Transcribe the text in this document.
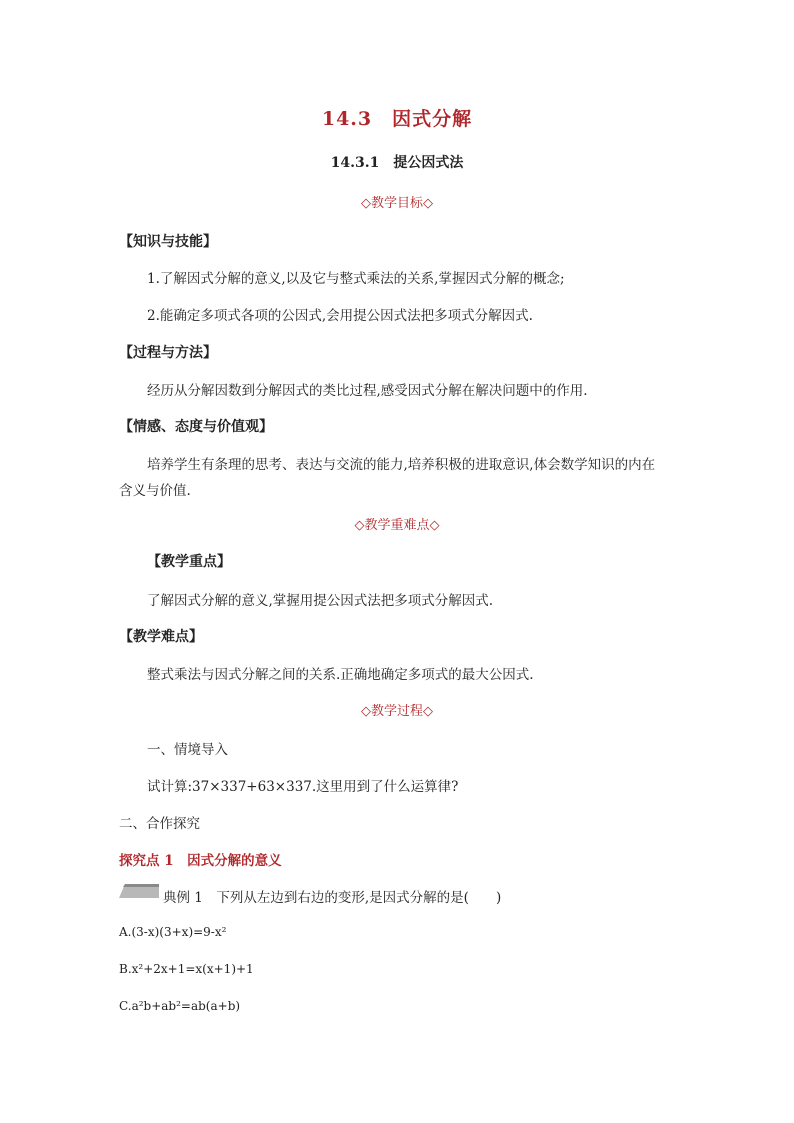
14.3　因式分解
14.3.1　提公因式法
◇教学目标◇
【知识与技能】
1.了解因式分解的意义,以及它与整式乘法的关系,掌握因式分解的概念;
2.能确定多项式各项的公因式,会用提公因式法把多项式分解因式.
【过程与方法】
经历从分解因数到分解因式的类比过程,感受因式分解在解决问题中的作用.
【情感、态度与价值观】
培养学生有条理的思考、表达与交流的能力,培养积极的进取意识,体会数学知识的内在
含义与价值.
◇教学重难点◇
【教学重点】
了解因式分解的意义,掌握用提公因式法把多项式分解因式.
【教学难点】
整式乘法与因式分解之间的关系.正确地确定多项式的最大公因式.
◇教学过程◇
一、情境导入
试计算:37×337+63×337.这里用到了什么运算律?
二、合作探究
探究点 1　因式分解的意义
典例 1　下列从左边到右边的变形,是因式分解的是(　　)
A.(3-x)(3+x)=9-x²
B.x²+2x+1=x(x+1)+1
C.a²b+ab²=ab(a+b)
